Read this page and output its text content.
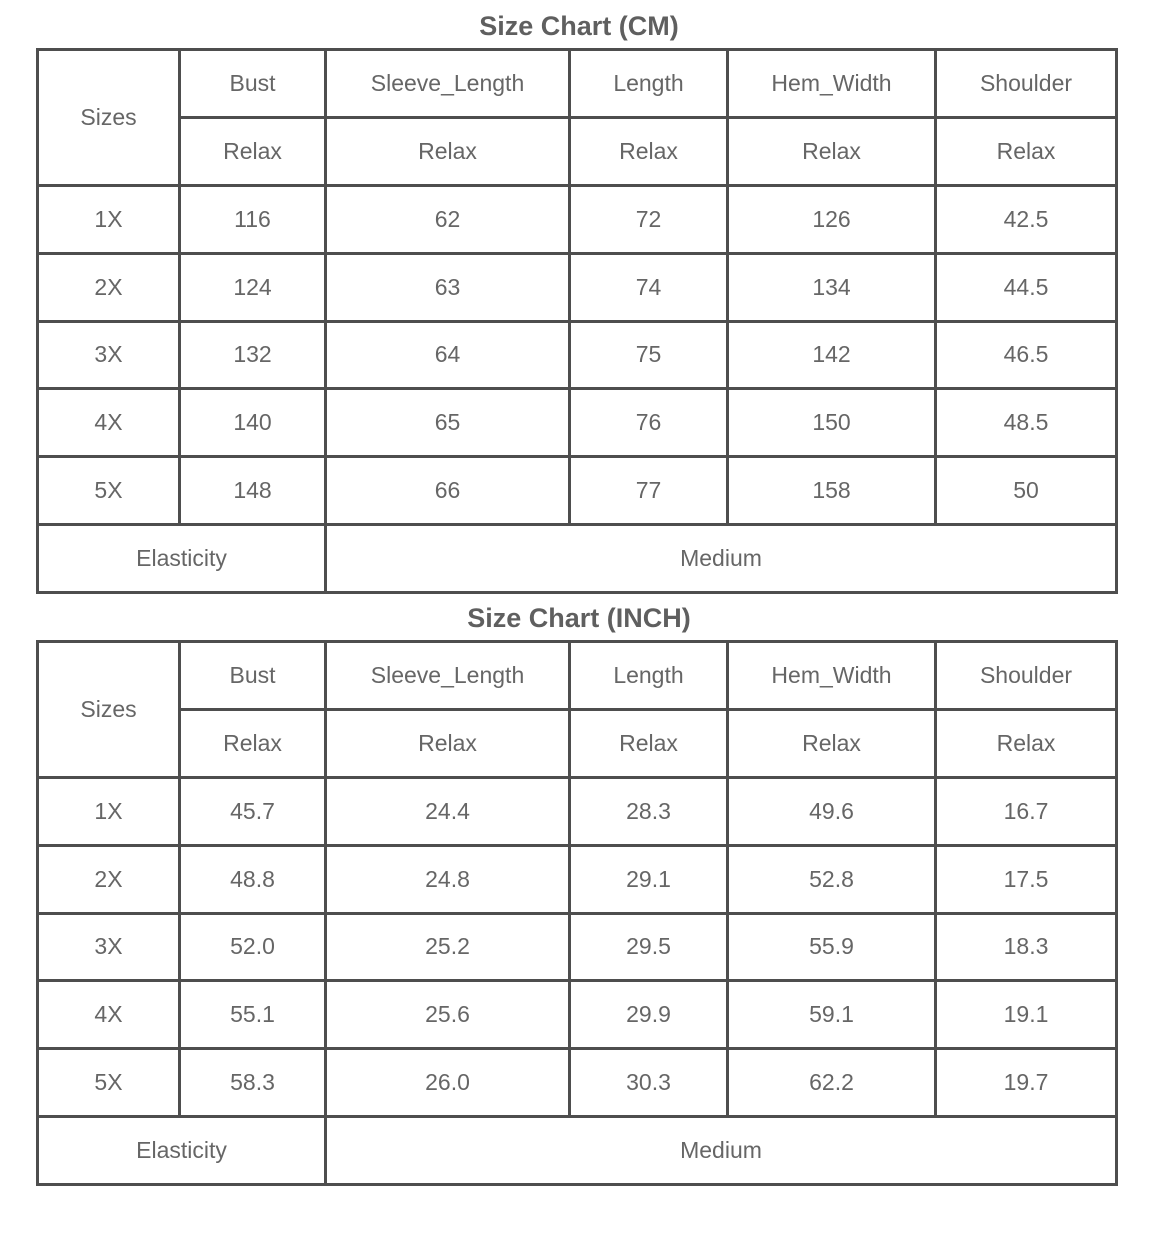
Size Chart (CM)
Sizes	Bust	Sleeve_Length	Length	Hem_Width	Shoulder
	Relax	Relax	Relax	Relax	Relax
1X	116	62	72	126	42.5
2X	124	63	74	134	44.5
3X	132	64	75	142	46.5
4X	140	65	76	150	48.5
5X	148	66	77	158	50
Elasticity		Medium			
Size Chart (INCH)
Sizes	Bust	Sleeve_Length	Length	Hem_Width	Shoulder
	Relax	Relax	Relax	Relax	Relax
1X	45.7	24.4	28.3	49.6	16.7
2X	48.8	24.8	29.1	52.8	17.5
3X	52.0	25.2	29.5	55.9	18.3
4X	55.1	25.6	29.9	59.1	19.1
5X	58.3	26.0	30.3	62.2	19.7
Elasticity		Medium			
